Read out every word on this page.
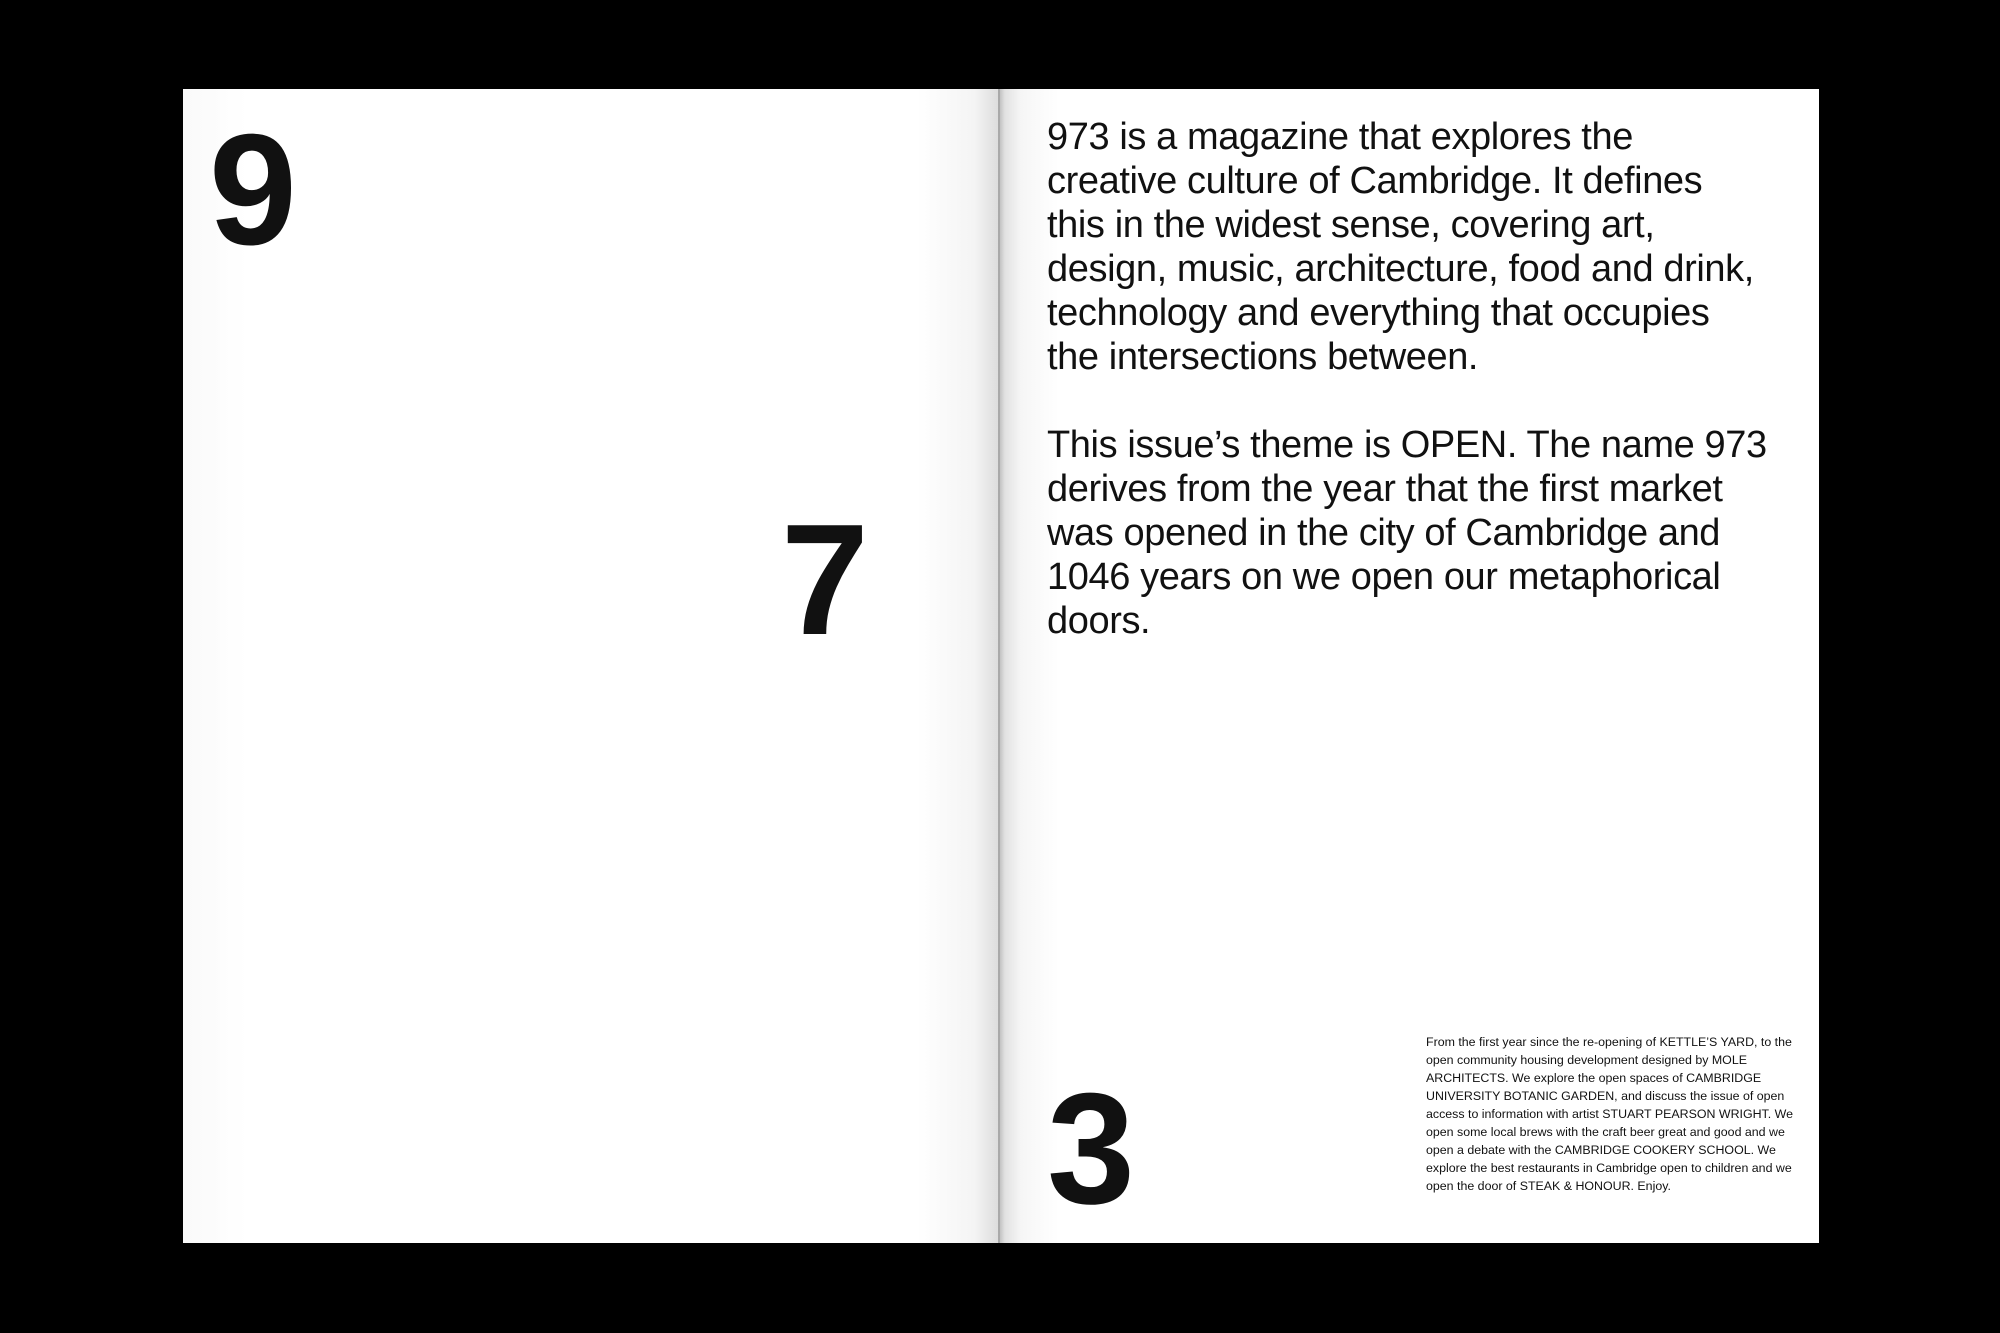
9
7

973 is a magazine that explores the creative culture of Cambridge. It defines this in the widest sense, covering art, design, music, architecture, food and drink, technology and everything that occupies the intersections between.

This issue’s theme is OPEN. The name 973 derives from the year that the first market was opened in the city of Cambridge and 1046 years on we open our metaphorical doors.

3

From the first year since the re-opening of KETTLE’S YARD, to the open community housing development designed by MOLE ARCHITECTS. We explore the open spaces of CAMBRIDGE UNIVERSITY BOTANIC GARDEN, and discuss the issue of open access to information with artist STUART PEARSON WRIGHT. We open some local brews with the craft beer great and good and we open a debate with the CAMBRIDGE COOKERY SCHOOL. We explore the best restaurants in Cambridge open to children and we open the door of STEAK & HONOUR. Enjoy.
